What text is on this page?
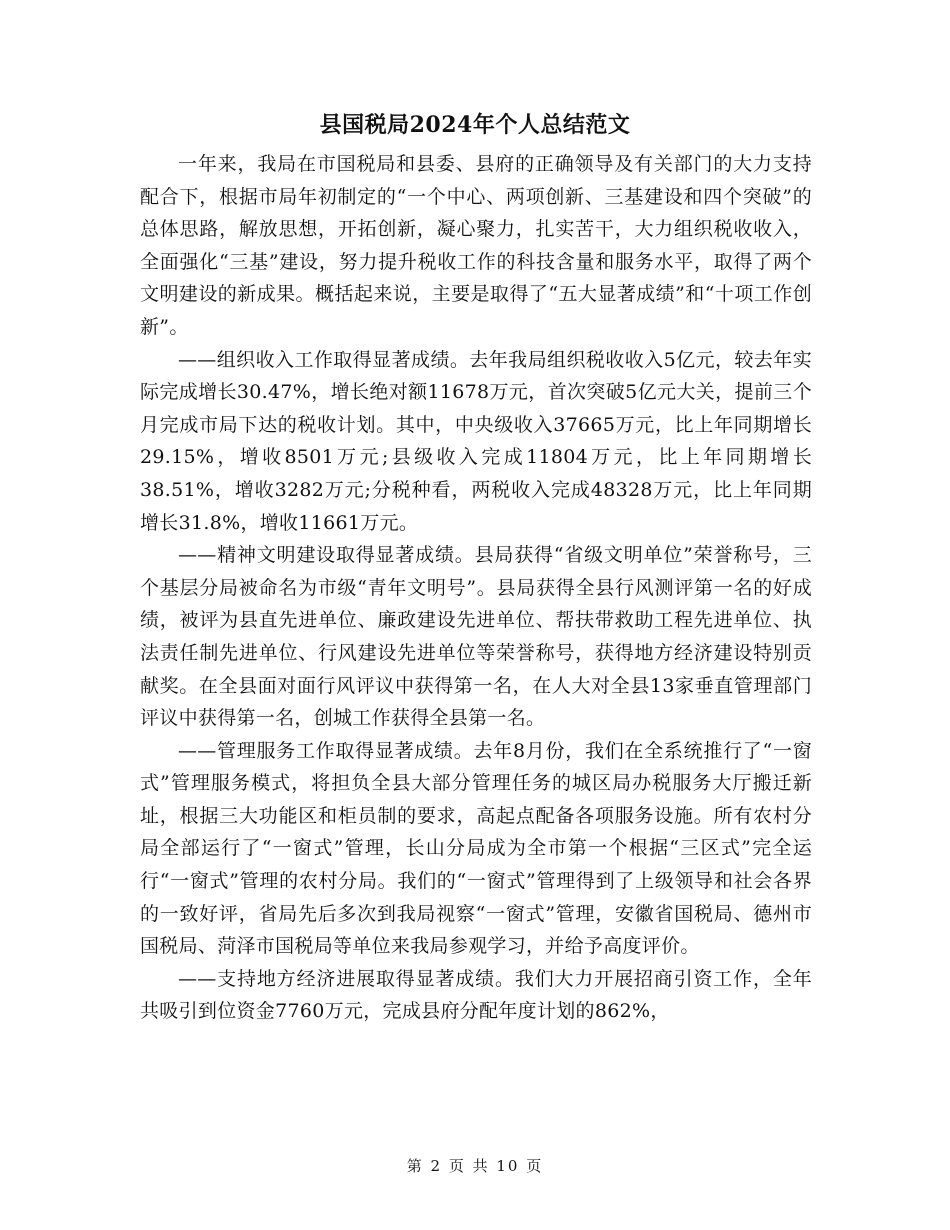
县国税局2024年个人总结范文

一年来，我局在市国税局和县委、县府的正确领导及有关部门的大力支持配合下，根据市局年初制定的“一个中心、两项创新、三基建设和四个突破”的总体思路，解放思想，开拓创新，凝心聚力，扎实苦干，大力组织税收收入，全面强化“三基”建设，努力提升税收工作的科技含量和服务水平，取得了两个文明建设的新成果。概括起来说，主要是取得了“五大显著成绩”和“十项工作创新”。

——组织收入工作取得显著成绩。去年我局组织税收收入5亿元，较去年实际完成增长30.47%，增长绝对额11678万元，首次突破5亿元大关，提前三个月完成市局下达的税收计划。其中，中央级收入37665万元，比上年同期增长29.15%，增收8501万元;县级收入完成11804万元，比上年同期增长38.51%，增收3282万元;分税种看，两税收入完成48328万元，比上年同期增长31.8%，增收11661万元。

——精神文明建设取得显著成绩。县局获得“省级文明单位”荣誉称号，三个基层分局被命名为市级“青年文明号”。县局获得全县行风测评第一名的好成绩，被评为县直先进单位、廉政建设先进单位、帮扶带救助工程先进单位、执法责任制先进单位、行风建设先进单位等荣誉称号，获得地方经济建设特别贡献奖。在全县面对面行风评议中获得第一名，在人大对全县13家垂直管理部门评议中获得第一名，创城工作获得全县第一名。

——管理服务工作取得显著成绩。去年8月份，我们在全系统推行了“一窗式”管理服务模式，将担负全县大部分管理任务的城区局办税服务大厅搬迁新址，根据三大功能区和柜员制的要求，高起点配备各项服务设施。所有农村分局全部运行了“一窗式”管理，长山分局成为全市第一个根据“三区式”完全运行“一窗式”管理的农村分局。我们的“一窗式”管理得到了上级领导和社会各界的一致好评，省局先后多次到我局视察“一窗式”管理，安徽省国税局、德州市国税局、菏泽市国税局等单位来我局参观学习，并给予高度评价。

——支持地方经济进展取得显著成绩。我们大力开展招商引资工作，全年共吸引到位资金7760万元，完成县府分配年度计划的862%，

第 2 页 共 10 页
